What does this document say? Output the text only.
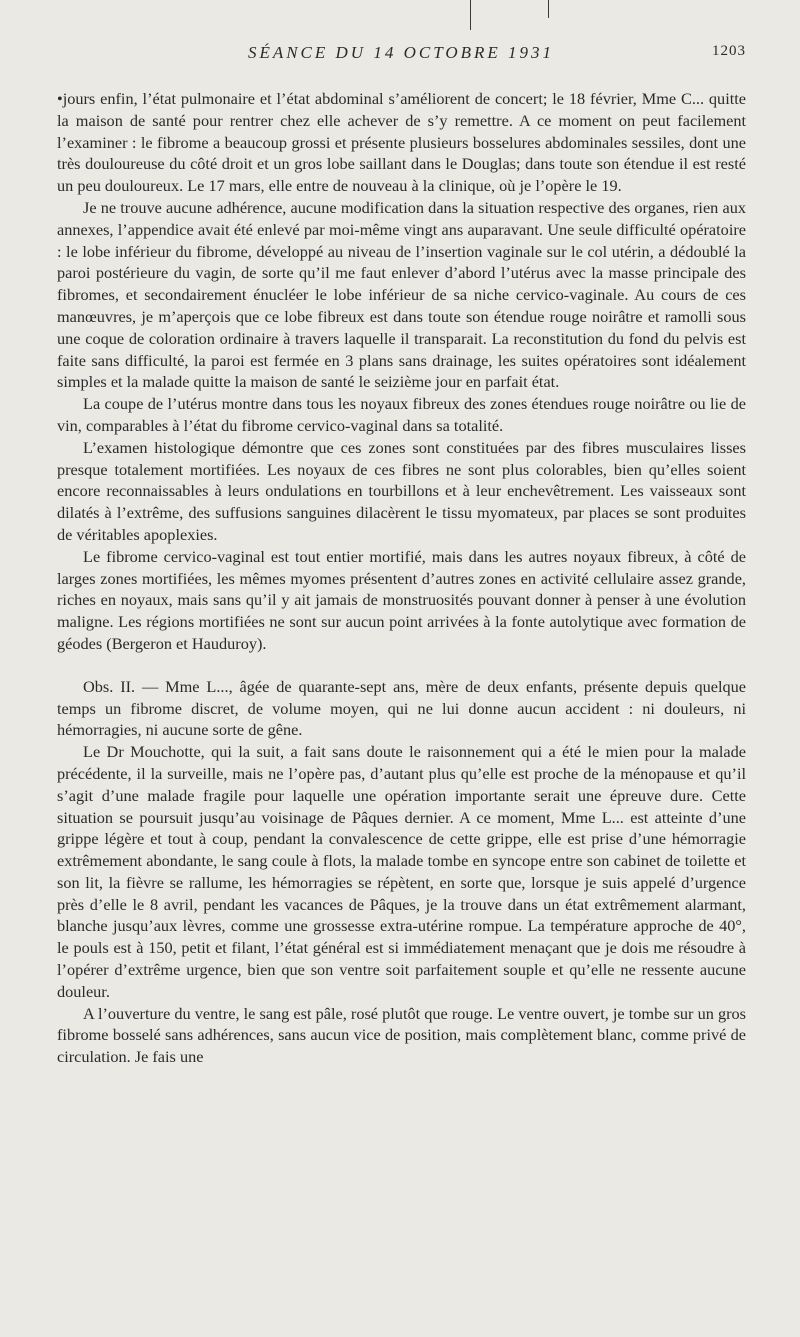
SÉANCE DU 14 OCTOBRE 1931	1203

•jours enfin, l’état pulmonaire et l’état abdominal s’améliorent de concert; le 18 février, Mme C... quitte la maison de santé pour rentrer chez elle achever de s’y remettre. A ce moment on peut facilement l’examiner : le fibrome a beaucoup grossi et présente plusieurs bosselures abdominales sessiles, dont une très douloureuse du côté droit et un gros lobe saillant dans le Douglas; dans toute son étendue il est resté un peu douloureux. Le 17 mars, elle entre de nouveau à la clinique, où je l’opère le 19.

Je ne trouve aucune adhérence, aucune modification dans la situation respective des organes, rien aux annexes, l’appendice avait été enlevé par moi-même vingt ans auparavant. Une seule difficulté opératoire : le lobe inférieur du fibrome, développé au niveau de l’insertion vaginale sur le col utérin, a dédoublé la paroi postérieure du vagin, de sorte qu’il me faut enlever d’abord l’utérus avec la masse principale des fibromes, et secondairement énucléer le lobe inférieur de sa niche cervico-vaginale. Au cours de ces manœuvres, je m’aperçois que ce lobe fibreux est dans toute son étendue rouge noirâtre et ramolli sous une coque de coloration ordinaire à travers laquelle il transparait. La reconstitution du fond du pelvis est faite sans difficulté, la paroi est fermée en 3 plans sans drainage, les suites opératoires sont idéalement simples et la malade quitte la maison de santé le seizième jour en parfait état.

La coupe de l’utérus montre dans tous les noyaux fibreux des zones étendues rouge noirâtre ou lie de vin, comparables à l’état du fibrome cervico-vaginal dans sa totalité.

L’examen histologique démontre que ces zones sont constituées par des fibres musculaires lisses presque totalement mortifiées. Les noyaux de ces fibres ne sont plus colorables, bien qu’elles soient encore reconnaissables à leurs ondulations en tourbillons et à leur enchevêtrement. Les vaisseaux sont dilatés à l’extrême, des suffusions sanguines dilacèrent le tissu myomateux, par places se sont produites de véritables apoplexies.

Le fibrome cervico-vaginal est tout entier mortifié, mais dans les autres noyaux fibreux, à côté de larges zones mortifiées, les mêmes myomes présentent d’autres zones en activité cellulaire assez grande, riches en noyaux, mais sans qu’il y ait jamais de monstruosités pouvant donner à penser à une évolution maligne. Les régions mortifiées ne sont sur aucun point arrivées à la fonte autolytique avec formation de géodes (Bergeron et Hauduroy).

Obs. II. — Mme L..., âgée de quarante-sept ans, mère de deux enfants, présente depuis quelque temps un fibrome discret, de volume moyen, qui ne lui donne aucun accident : ni douleurs, ni hémorragies, ni aucune sorte de gêne.

Le Dr Mouchotte, qui la suit, a fait sans doute le raisonnement qui a été le mien pour la malade précédente, il la surveille, mais ne l’opère pas, d’autant plus qu’elle est proche de la ménopause et qu’il s’agit d’une malade fragile pour laquelle une opération importante serait une épreuve dure. Cette situation se poursuit jusqu’au voisinage de Pâques dernier. A ce moment, Mme L... est atteinte d’une grippe légère et tout à coup, pendant la convalescence de cette grippe, elle est prise d’une hémorragie extrêmement abondante, le sang coule à flots, la malade tombe en syncope entre son cabinet de toilette et son lit, la fièvre se rallume, les hémorragies se répètent, en sorte que, lorsque je suis appelé d’urgence près d’elle le 8 avril, pendant les vacances de Pâques, je la trouve dans un état extrêmement alarmant, blanche jusqu’aux lèvres, comme une grossesse extra-utérine rompue. La température approche de 40°, le pouls est à 150, petit et filant, l’état général est si immédiatement menaçant que je dois me résoudre à l’opérer d’extrême urgence, bien que son ventre soit parfaitement souple et qu’elle ne ressente aucune douleur.

A l’ouverture du ventre, le sang est pâle, rosé plutôt que rouge. Le ventre ouvert, je tombe sur un gros fibrome bosselé sans adhérences, sans aucun vice de position, mais complètement blanc, comme privé de circulation. Je fais une
